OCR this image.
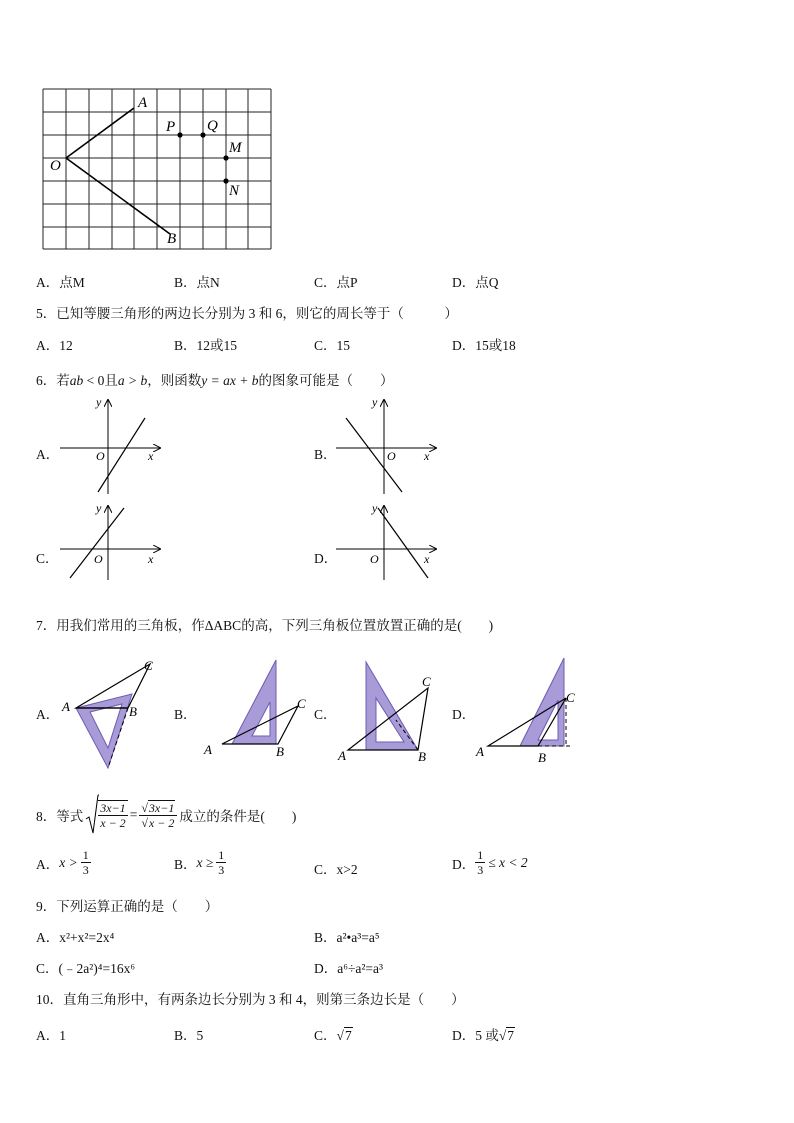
A
B
O
P Q
M
N
A．点M	B．点N	C．点P	D．点Q
5．已知等腰三角形的两边长分别为 3 和 6，则它的周长等于（　　　）
A．12	B．12或15	C．15	D．15或18
6．若ab < 0且a > b，则函数y = ax + b的图象可能是（　　）
A．	B．
C．	D．
y
x
O
y
x
O
y
x
O
y
x
O
7．用我们常用的三角板，作ΔABC的高，下列三角板位置放置正确的是(　　)
A．	B．	C．	D．
A	B
C
A	B
C
A	B
C
A	B
C
8．等式 $\frac{3x-1}{x - 2} = \frac{√3x-1}{√x - 2}$ 成立的条件是(　　)
A． $x > \frac{1}{3}$	B． $x \ge \frac{1}{3}$	C．x>2	D． $\frac{1}{3} \le x < 2$
9．下列运算正确的是（　　）
A．x²+x²=2x⁴	B．a²•a³=a⁵
C．(﹣2a²)⁴=16x⁶	D．a⁶÷a²=a³
10．直角三角形中，有两条边长分别为 3 和 4，则第三条边长是（　　）
A．1	B．5	C．√7	D．5 或√7
